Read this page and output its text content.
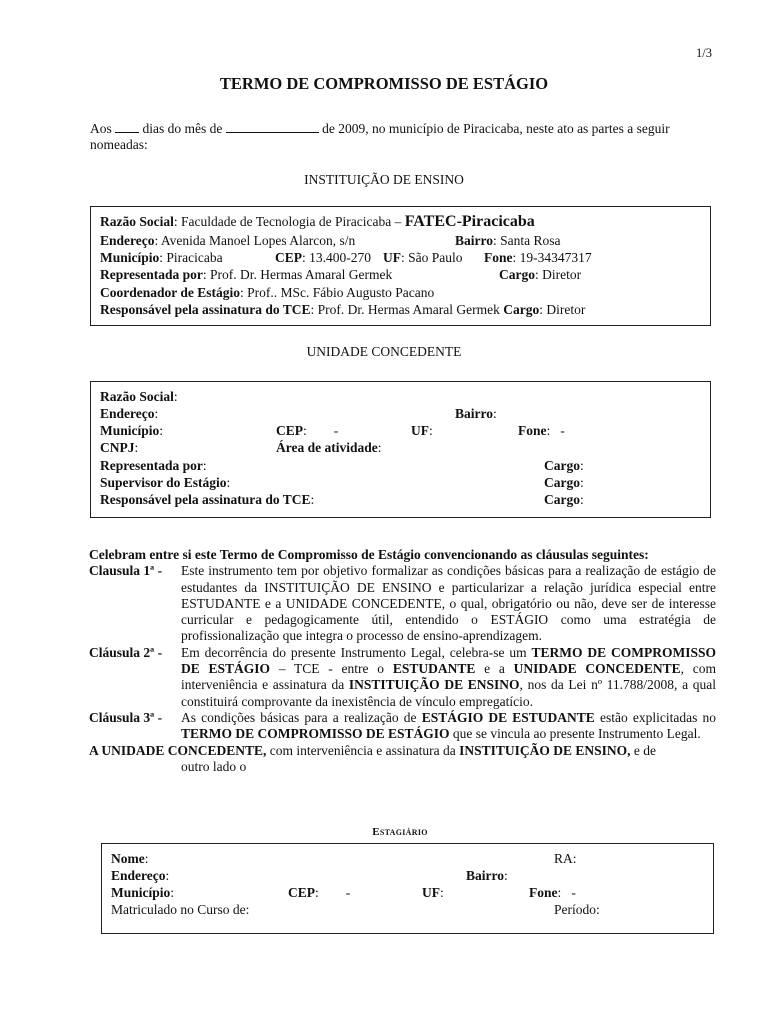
1/3
TERMO DE COMPROMISSO DE ESTÁGIO
Aos dias do mês de	de 2009, no município de Piracicaba, neste ato as partes a seguir nomeadas:
INSTITUIÇÃO DE ENSINO
Razão Social: Faculdade de Tecnologia de Piracicaba – FATEC-Piracicaba
Endereço: Avenida Manoel Lopes Alarcon, s/n	Bairro: Santa Rosa
Município: Piracicaba	CEP: 13.400-270 UF: São Paulo Fone: 19-34347317
Representada por: Prof. Dr. Hermas Amaral Germek	Cargo: Diretor
Coordenador de Estágio: Prof.. MSc. Fábio Augusto Pacano
Responsável pela assinatura do TCE: Prof. Dr. Hermas Amaral Germek Cargo: Diretor
UNIDADE CONCEDENTE
Razão Social:
Endereço:	Bairro:
Município:	CEP:        -	UF:	Fone:   -
CNPJ:	Área de atividade:
Representada por:	Cargo:
Supervisor do Estágio:	Cargo:
Responsável pela assinatura do TCE:	Cargo:
Celebram entre si este Termo de Compromisso de Estágio convencionando as cláusulas seguintes:
Clausula 1ª -	Este instrumento tem por objetivo formalizar as condições básicas para a realização de estágio de estudantes da INSTITUIÇÃO DE ENSINO e particularizar a relação jurídica especial entre ESTUDANTE e a UNIDADE CONCEDENTE, o qual, obrigatório ou não, deve ser de interesse curricular e pedagogicamente útil, entendido o ESTÁGIO como uma estratégia de profissionalização que integra o processo de ensino-aprendizagem.
Cláusula 2ª -	Em decorrência do presente Instrumento Legal, celebra-se um TERMO DE COMPROMISSO DE ESTÁGIO – TCE - entre o ESTUDANTE e a UNIDADE CONCEDENTE, com interveniência e assinatura da INSTITUIÇÃO DE ENSINO, nos da Lei nº 11.788/2008, a qual constituirá comprovante da inexistência de vínculo empregatício.
Cláusula 3ª -	As condições básicas para a realização de ESTÁGIO DE ESTUDANTE estão explicitadas no TERMO DE COMPROMISSO DE ESTÁGIO que se vincula ao presente Instrumento Legal.
A UNIDADE CONCEDENTE, com interveniência e assinatura da INSTITUIÇÃO DE ENSINO, e de
outro lado o
Estagiário
Nome:	RA:
Endereço:	Bairro:
Município:	CEP:        -	UF:	Fone:   -
Matriculado no Curso de:	Período:
